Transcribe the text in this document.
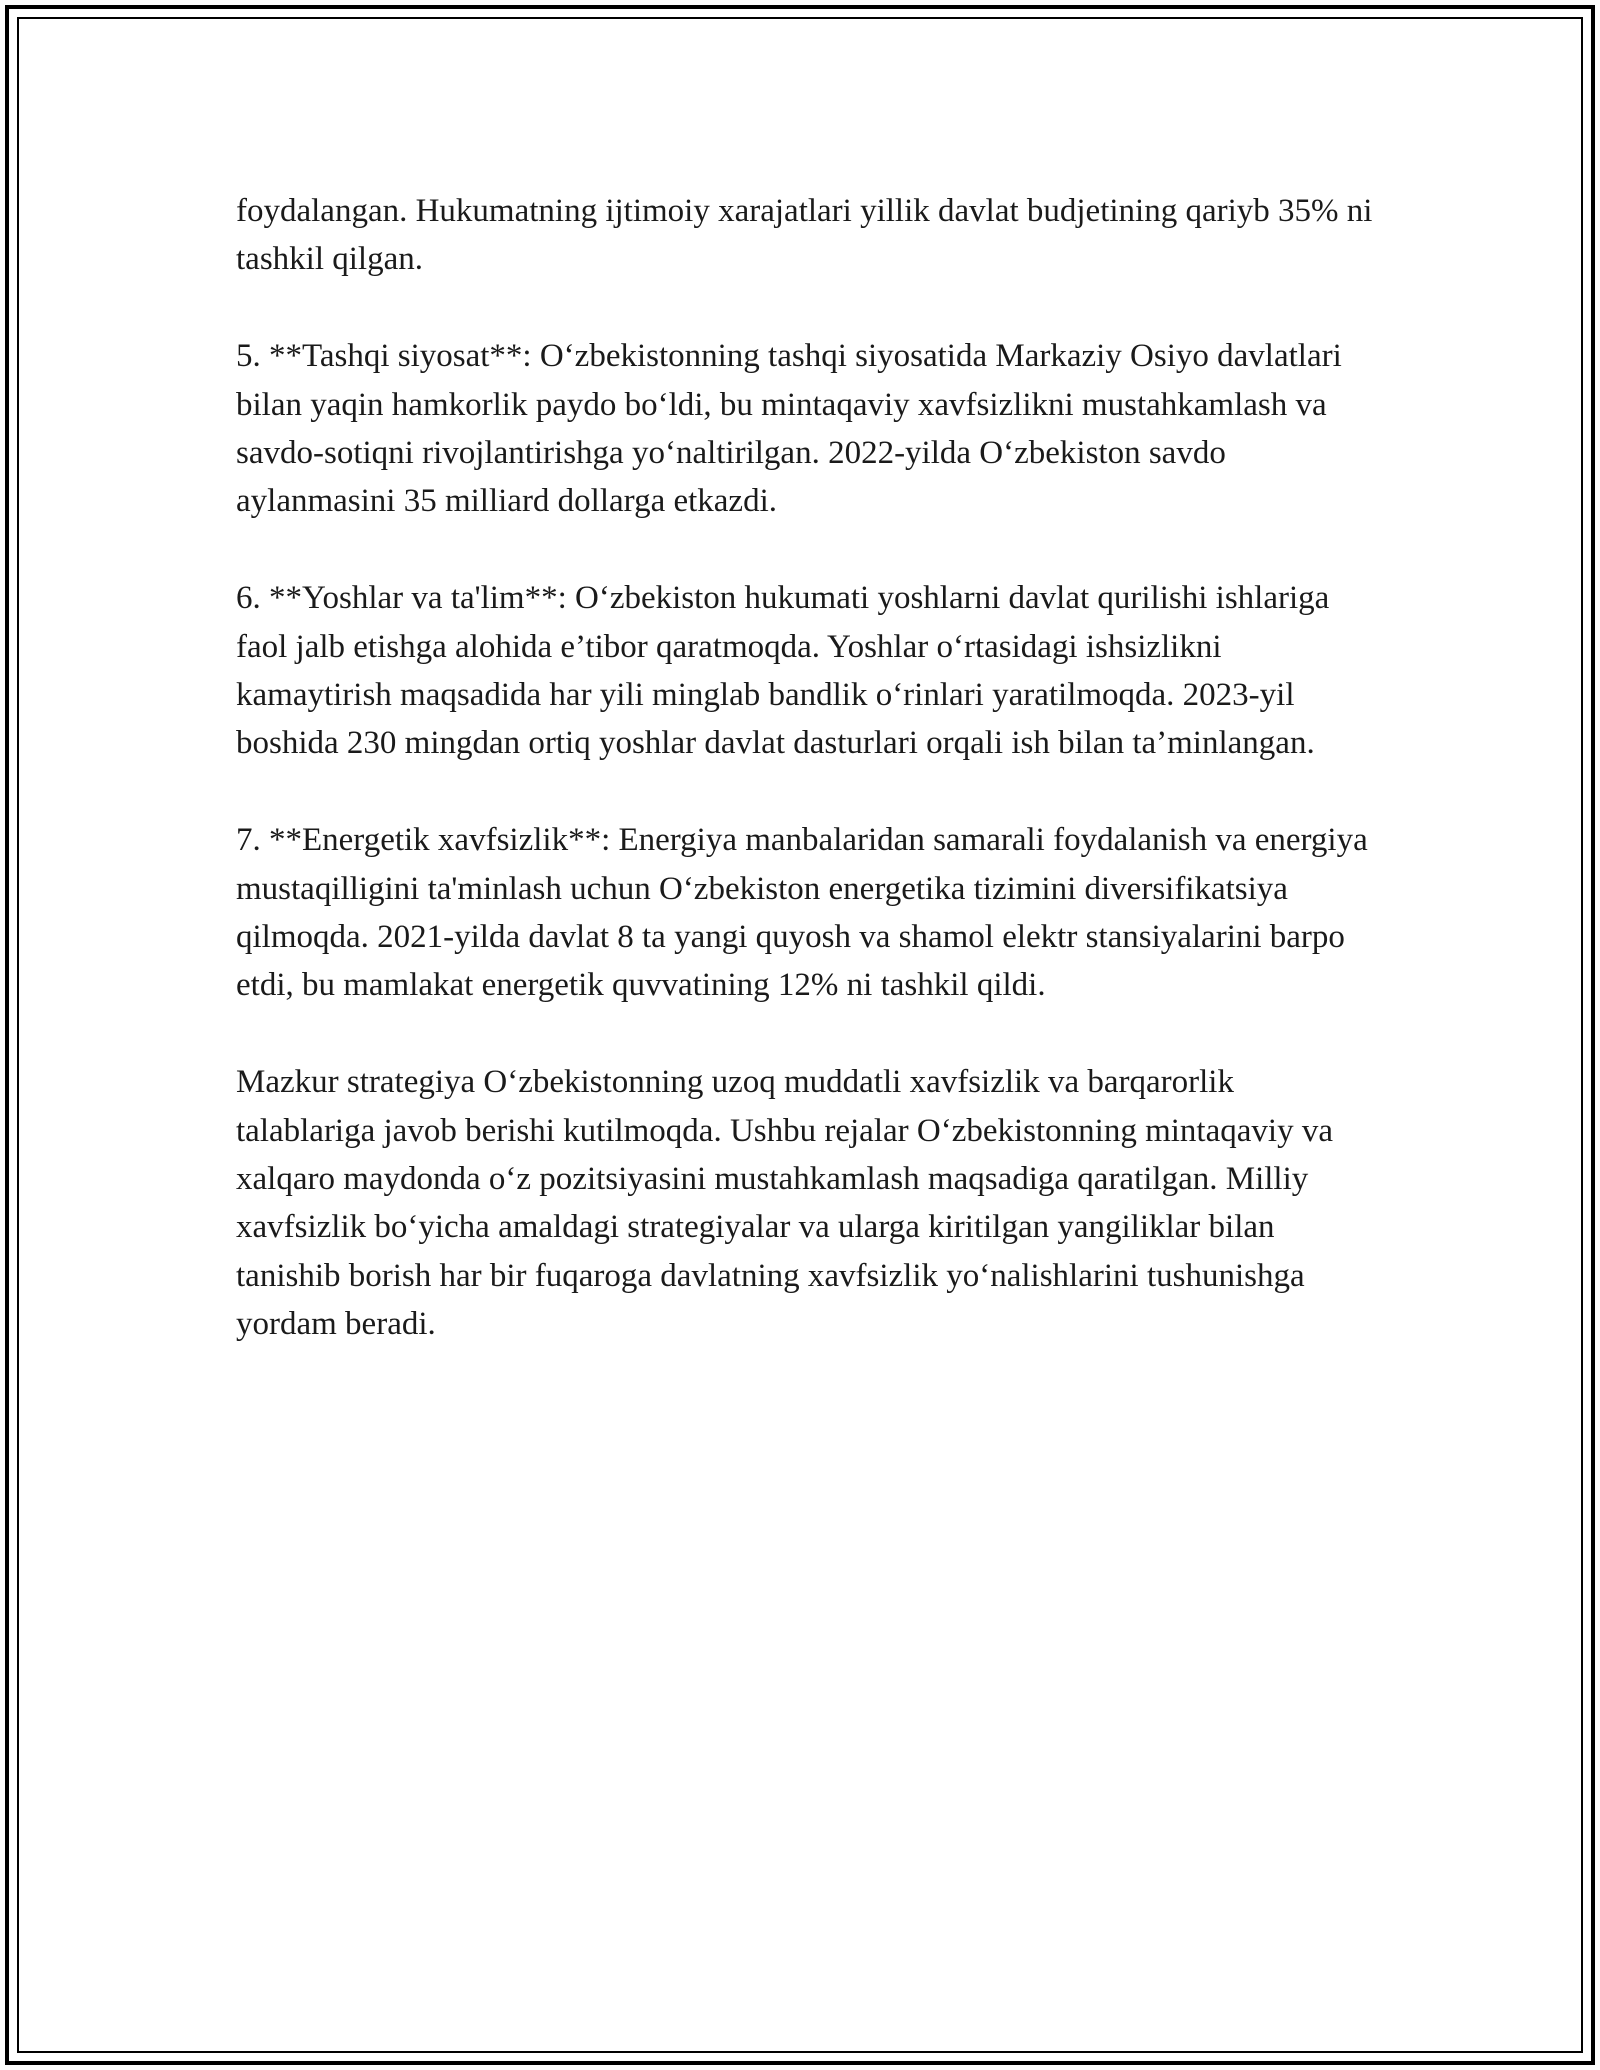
foydalangan. Hukumatning ijtimoiy xarajatlari yillik davlat budjetining qariyb 35% ni tashkil qilgan.

5. **Tashqi siyosat**: O‘zbekistonning tashqi siyosatida Markaziy Osiyo davlatlari bilan yaqin hamkorlik paydo bo‘ldi, bu mintaqaviy xavfsizlikni mustahkamlash va savdo-sotiqni rivojlantirishga yo‘naltirilgan. 2022-yilda O‘zbekiston savdo aylanmasini 35 milliard dollarga etkazdi.

6. **Yoshlar va ta'lim**: O‘zbekiston hukumati yoshlarni davlat qurilishi ishlariga faol jalb etishga alohida e’tibor qaratmoqda. Yoshlar o‘rtasidagi ishsizlikni kamaytirish maqsadida har yili minglab bandlik o‘rinlari yaratilmoqda. 2023-yil boshida 230 mingdan ortiq yoshlar davlat dasturlari orqali ish bilan ta’minlangan.

7. **Energetik xavfsizlik**: Energiya manbalaridan samarali foydalanish va energiya mustaqilligini ta'minlash uchun O‘zbekiston energetika tizimini diversifikatsiya qilmoqda. 2021-yilda davlat 8 ta yangi quyosh va shamol elektr stansiyalarini barpo etdi, bu mamlakat energetik quvvatining 12% ni tashkil qildi.

Mazkur strategiya O‘zbekistonning uzoq muddatli xavfsizlik va barqarorlik talablariga javob berishi kutilmoqda. Ushbu rejalar O‘zbekistonning mintaqaviy va xalqaro maydonda o‘z pozitsiyasini mustahkamlash maqsadiga qaratilgan. Milliy xavfsizlik bo‘yicha amaldagi strategiyalar va ularga kiritilgan yangiliklar bilan tanishib borish har bir fuqaroga davlatning xavfsizlik yo‘nalishlarini tushunishga yordam beradi.
